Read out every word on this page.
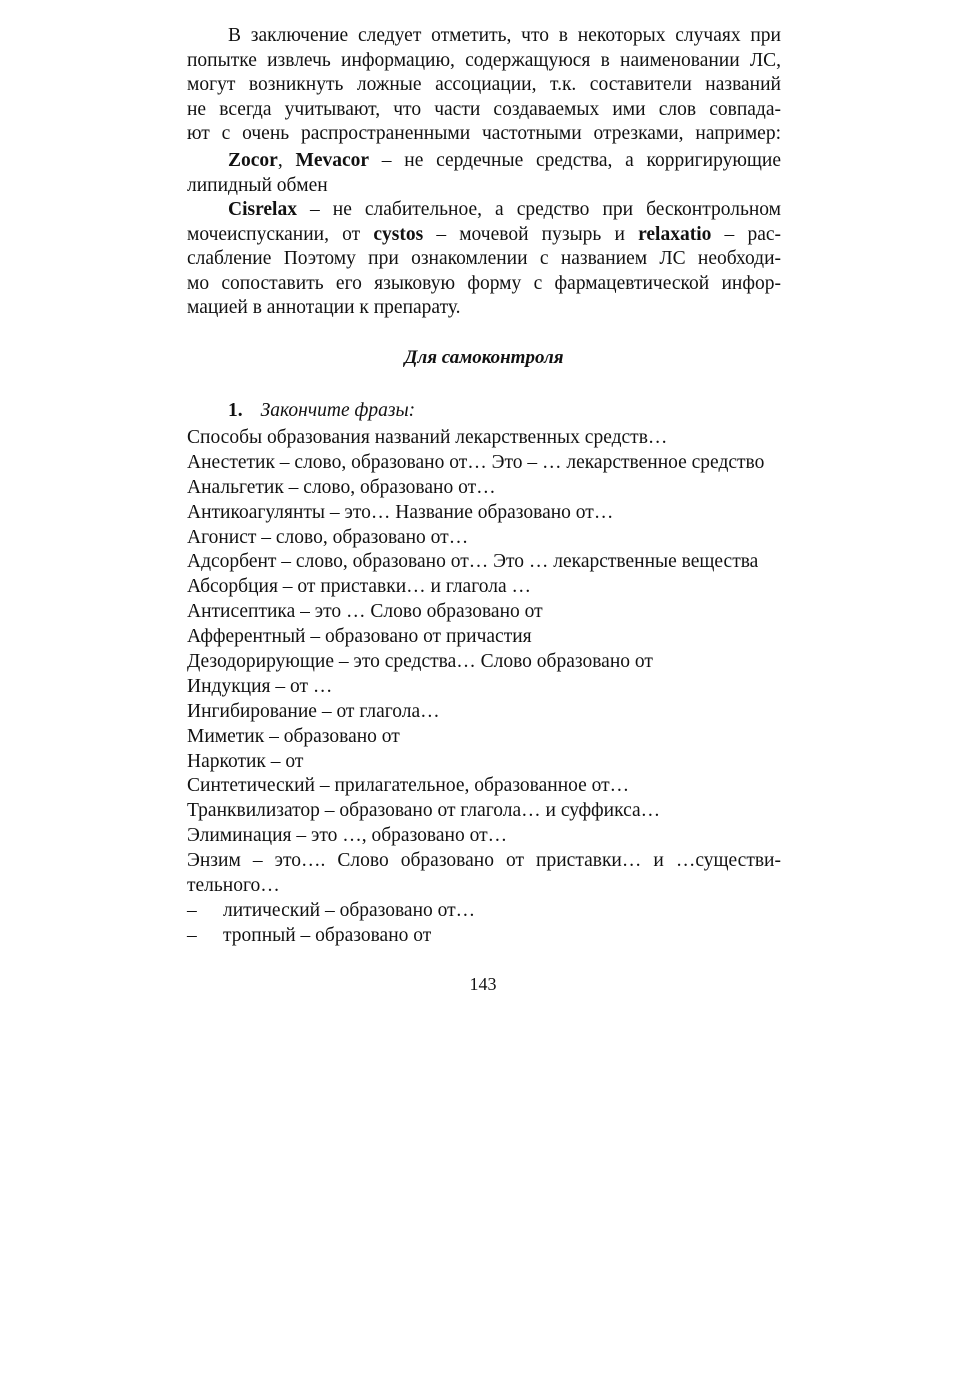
В заключение следует отметить, что в некоторых случаях при
попытке извлечь информацию, содержащуюся в наименовании ЛС,
могут возникнуть ложные ассоциации, т.к. составители названий
не всегда учитывают, что части создаваемых ими слов совпада-
ют с очень распространенными частотными отрезками, например:
Zocor, Mevacor – не сердечные средства, а корригирующие
липидный обмен
Cisrelax – не слабительное, а средство при бесконтрольном
мочеиспускании, от cystos – мочевой пузырь и relaxatio – рас-
слабление Поэтому при ознакомлении с названием ЛС необходи-
мо сопоставить его языковую форму с фармацевтической инфор-
мацией в аннотации к препарату.
Для самоконтроля
1. Закончите фразы:
Способы образования названий лекарственных средств…
Анестетик – слово, образовано от… Это – … лекарственное средство
Анальгетик – слово, образовано от…
Антикоагулянты – это… Название образовано от…
Агонист – слово, образовано от…
Адсорбент – слово, образовано от… Это … лекарственные вещества
Абсорбция – от приставки… и глагола …
Антисептика – это … Слово образовано от
Афферентный – образовано от причастия
Дезодорирующие – это средства… Слово образовано от
Индукция – от …
Ингибирование – от глагола…
Миметик – образовано от
Наркотик – от
Синтетический – прилагательное, образованное от…
Транквилизатор – образовано от глагола… и суффикса…
Элиминация – это …, образовано от…
Энзим – это…. Слово образовано от приставки… и …существи-
тельного…
– литический – образовано от…
– тропный – образовано от
143
